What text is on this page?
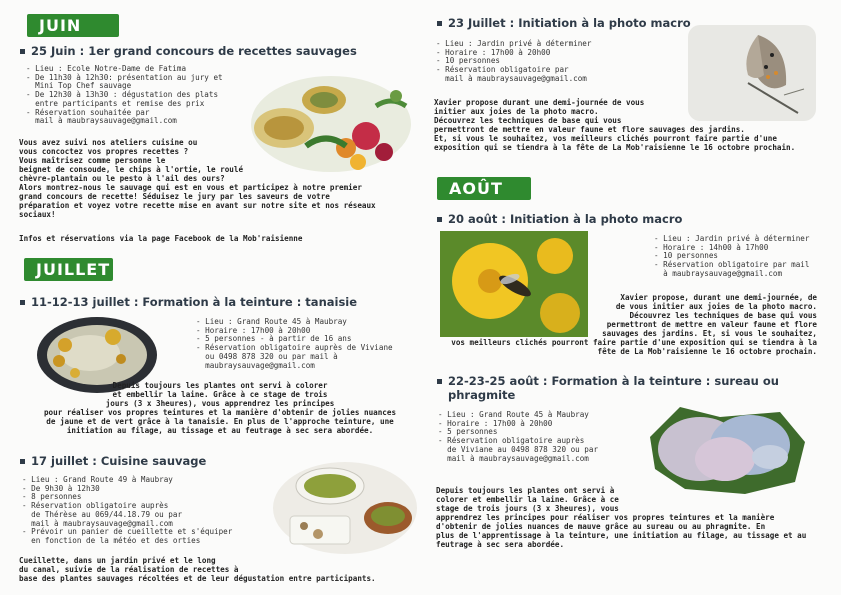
JUIN
25 Juin : 1er grand concours de recettes sauvages
- Lieu : Ecole Notre-Dame de Fatima
- De 11h30 à 12h30: présentation au jury et
Mini Top Chef sauvage
- De 12h30 à 13h30 : dégustation des plats
entre participants et remise des prix
- Réservation souhaitée par
mail à maubraysauvage@gmail.com
Vous avez suivi nos ateliers cuisine ou
vous concoctez vos propres recettes ?
Vous maîtrisez comme personne le
beignet de consoude, le chips à l'ortie, le roulé
chèvre-plantain ou le pesto à l'ail des ours?
Alors montrez-nous le sauvage qui est en vous et participez à notre premier
grand concours de recette! Séduisez le jury par les saveurs de votre
préparation et voyez votre recette mise en avant sur notre site et nos réseaux
sociaux!
Infos et réservations via la page Facebook de la Mob'raisienne
JUILLET
11-12-13 juillet : Formation à la teinture : tanaisie
- Lieu : Grand Route 45 à Maubray
- Horaire : 17h00 à 20h00
- 5 personnes - à partir de 16 ans
- Réservation obligatoire auprès de Viviane
ou 0498 878 320 ou par mail à
maubraysauvage@gmail.com
Depuis toujours les plantes ont servi à colorer
et embellir la laine. Grâce à ce stage de trois
jours (3 x 3heures), vous apprendrez les principes
pour réaliser vos propres teintures et la manière d'obtenir de jolies nuances
de jaune et de vert grâce à la tanaisie. En plus de l'approche teinture, une
initiation au filage, au tissage et au feutrage à sec sera abordée.
17 juillet : Cuisine sauvage
- Lieu : Grand Route 49 à Maubray
- De 9h30 à 12h30
- 8 personnes
- Réservation obligatoire auprès
de Thérèse au 069/44.18.79 ou par
mail à maubraysauvage@gmail.com
- Prévoir un panier de cueillette et s'équiper
en fonction de la météo et des orties
Cueillette, dans un jardin privé et le long
du canal, suivie de la réalisation de recettes à
base des plantes sauvages récoltées et de leur dégustation entre participants.
23 Juillet : Initiation à la photo macro
- Lieu : Jardin privé à déterminer
- Horaire : 17h00 à 20h00
- 10 personnes
- Réservation obligatoire par
mail à maubraysauvage@gmail.com
Xavier propose durant une demi-journée de vous
initier aux joies de la photo macro.
Découvrez les techniques de base qui vous
permettront de mettre en valeur faune et flore sauvages des jardins.
Et, si vous le souhaitez, vos meilleurs clichés pourront faire partie d'une
exposition qui se tiendra à la fête de La Mob'raisienne le 16 octobre prochain.
AOÛT
20 août : Initiation à la photo macro
- Lieu : Jardin privé à déterminer
- Horaire : 14h00 à 17h00
- 10 personnes
- Réservation obligatoire par mail
à maubraysauvage@gmail.com
Xavier propose, durant une demi-journée, de
de vous initier aux joies de la photo macro.
Découvrez les techniques de base qui vous
permettront de mettre en valeur faune et flore
sauvages des jardins. Et, si vous le souhaitez,
vos meilleurs clichés pourront faire partie d'une exposition qui se tiendra à la
fête de La Mob'raisienne le 16 octobre prochain.
22-23-25 août : Formation à la teinture : sureau ou
phragmite
- Lieu : Grand Route 45 à Maubray
- Horaire : 17h00 à 20h00
- 5 personnes
- Réservation obligatoire auprès
de Viviane au 0498 878 320 ou par
mail à maubraysauvage@gmail.com
Depuis toujours les plantes ont servi à
colorer et embellir la laine. Grâce à ce
stage de trois jours (3 x 3heures), vous
apprendrez les principes pour réaliser vos propres teintures et la manière
d'obtenir de jolies nuances de mauve grâce au sureau ou au phragmite. En
plus de l'apprentissage à la teinture, une initiation au filage, au tissage et au
feutrage à sec sera abordée.
